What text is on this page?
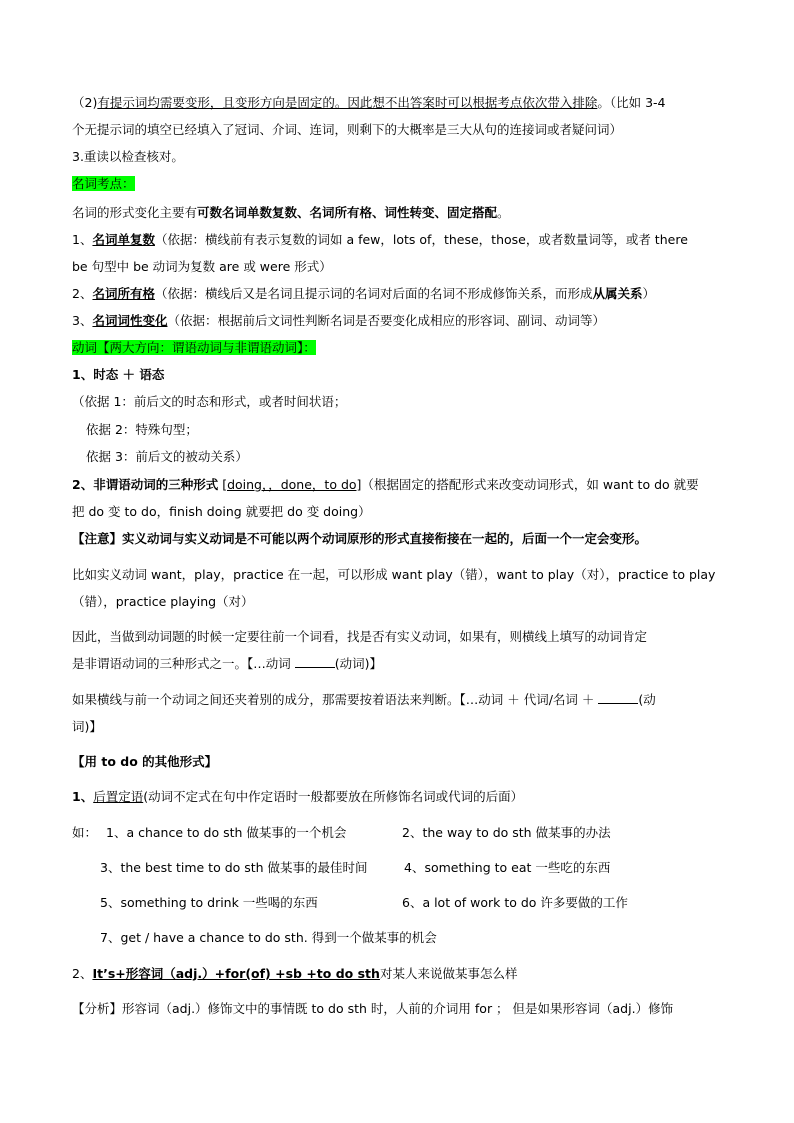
（2)有提示词均需要变形，且变形方向是固定的。因此想不出答案时可以根据考点依次带入排除。（比如 3-4
个无提示词的填空已经填入了冠词、介词、连词，则剩下的大概率是三大从句的连接词或者疑问词）
3.重读以检查核对。
名词考点：
名词的形式变化主要有可数名词单数复数、名词所有格、词性转变、固定搭配。
1、名词单复数（依据：横线前有表示复数的词如 a few，lots of，these，those，或者数量词等，或者 there
be 句型中 be 动词为复数 are 或 were 形式）
2、名词所有格（依据：横线后又是名词且提示词的名词对后面的名词不形成修饰关系，而形成从属关系）
3、名词词性变化（依据：根据前后文词性判断名词是否要变化成相应的形容词、副词、动词等）
动词【两大方向：谓语动词与非谓语动词】：
1、时态 ＋ 语态
（依据 1：前后文的时态和形式，或者时间状语；
依据 2：特殊句型；
依据 3：前后文的被动关系）
2、非谓语动词的三种形式 [doing，，done，to do]（根据固定的搭配形式来改变动词形式，如 want to do 就要
把 do 变 to do，finish doing 就要把 do 变 doing）
【注意】实义动词与实义动词是不可能以两个动词原形的形式直接衔接在一起的，后面一个一定会变形。
比如实义动词 want，play，practice 在一起，可以形成 want play（错），want to play（对），practice to play
（错），practice playing（对）
因此，当做到动词题的时候一定要往前一个词看，找是否有实义动词，如果有，则横线上填写的动词肯定
是非谓语动词的三种形式之一。【…动词	(动词)】
如果横线与前一个动词之间还夹着别的成分，那需要按着语法来判断。【…动词 ＋ 代词/名词 ＋	(动
词)】
【用 to do 的其他形式】
1、后置定语(动词不定式在句中作定语时一般都要放在所修饰名词或代词的后面）
如： 1、a chance to do sth 做某事的一个机会	2、the way to do sth 做某事的办法
3、the best time to do sth 做某事的最佳时间	4、something to eat 一些吃的东西
5、something to drink 一些喝的东西	6、a lot of work to do 许多要做的工作
7、get / have a chance to do sth. 得到一个做某事的机会
2、It’s+形容词（adj.）+for(of) +sb +to do sth对某人来说做某事怎么样
【分析】形容词（adj.）修饰文中的事情既 to do sth 时，人前的介词用 for ； 但是如果形容词（adj.）修饰
